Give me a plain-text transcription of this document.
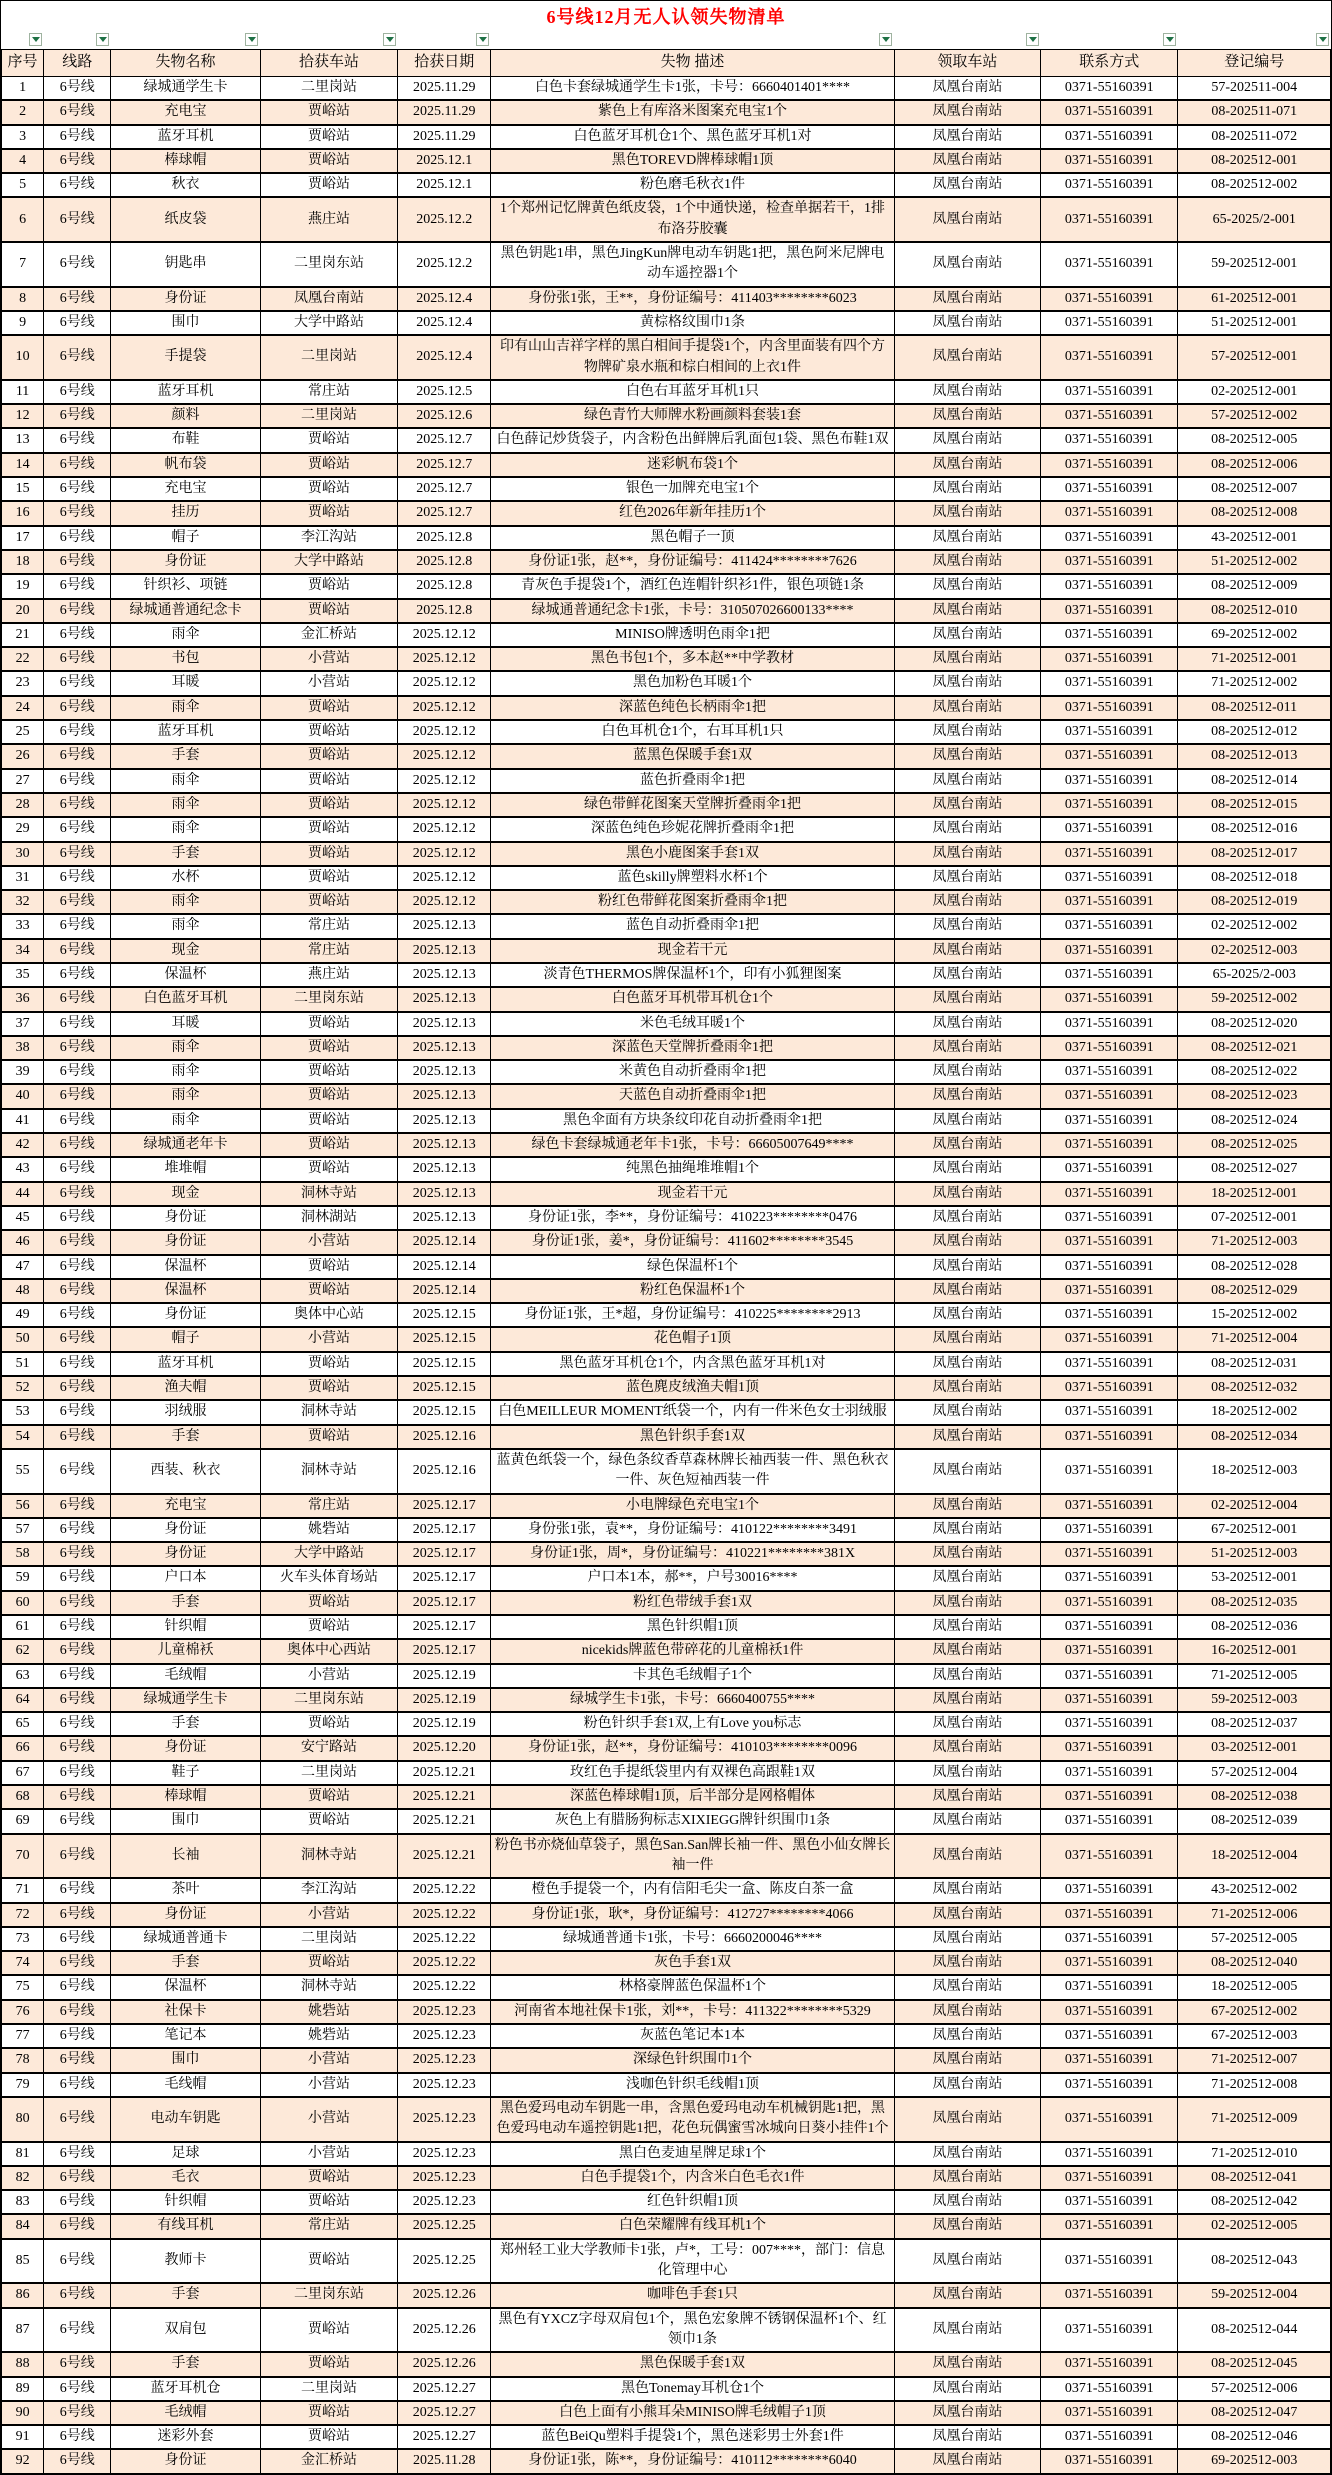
6号线12月无人认领失物清单
序号	线路	失物名称	拾获车站	拾获日期	失物 描述	领取车站	联系方式	登记编号
1	6号线	绿城通学生卡	二里岗站	2025.11.29	白色卡套绿城通学生卡1张，卡号：6660401401****	凤凰台南站	0371-55160391	57-202511-004
2	6号线	充电宝	贾峪站	2025.11.29	紫色上有库洛米图案充电宝1个	凤凰台南站	0371-55160391	08-202511-071
3	6号线	蓝牙耳机	贾峪站	2025.11.29	白色蓝牙耳机仓1个、黑色蓝牙耳机1对	凤凰台南站	0371-55160391	08-202511-072
4	6号线	棒球帽	贾峪站	2025.12.1	黑色TOREVD牌棒球帽1顶	凤凰台南站	0371-55160391	08-202512-001
5	6号线	秋衣	贾峪站	2025.12.1	粉色磨毛秋衣1件	凤凰台南站	0371-55160391	08-202512-002
6	6号线	纸皮袋	燕庄站	2025.12.2	1个郑州记忆牌黄色纸皮袋，1个中通快递，检查单据若干，1排布洛芬胶囊	凤凰台南站	0371-55160391	65-2025/2-001
7	6号线	钥匙串	二里岗东站	2025.12.2	黑色钥匙1串，黑色JingKun牌电动车钥匙1把，黑色阿米尼牌电动车遥控器1个	凤凰台南站	0371-55160391	59-202512-001
8	6号线	身份证	凤凰台南站	2025.12.4	身份张1张，王**，身份证编号：411403********6023	凤凰台南站	0371-55160391	61-202512-001
9	6号线	围巾	大学中路站	2025.12.4	黄棕格纹围巾1条	凤凰台南站	0371-55160391	51-202512-001
10	6号线	手提袋	二里岗站	2025.12.4	印有山山吉祥字样的黑白相间手提袋1个，内含里面装有四个方物牌矿泉水瓶和棕白相间的上衣1件	凤凰台南站	0371-55160391	57-202512-001
11	6号线	蓝牙耳机	常庄站	2025.12.5	白色右耳蓝牙耳机1只	凤凰台南站	0371-55160391	02-202512-001
12	6号线	颜料	二里岗站	2025.12.6	绿色青竹大师牌水粉画颜料套装1套	凤凰台南站	0371-55160391	57-202512-002
13	6号线	布鞋	贾峪站	2025.12.7	白色薛记炒货袋子，内含粉色出鲜牌后乳面包1袋、黑色布鞋1双	凤凰台南站	0371-55160391	08-202512-005
14	6号线	帆布袋	贾峪站	2025.12.7	迷彩帆布袋1个	凤凰台南站	0371-55160391	08-202512-006
15	6号线	充电宝	贾峪站	2025.12.7	银色一加牌充电宝1个	凤凰台南站	0371-55160391	08-202512-007
16	6号线	挂历	贾峪站	2025.12.7	红色2026年新年挂历1个	凤凰台南站	0371-55160391	08-202512-008
17	6号线	帽子	李江沟站	2025.12.8	黑色帽子一顶	凤凰台南站	0371-55160391	43-202512-001
18	6号线	身份证	大学中路站	2025.12.8	身份证1张，赵**，身份证编号：411424********7626	凤凰台南站	0371-55160391	51-202512-002
19	6号线	针织衫、项链	贾峪站	2025.12.8	青灰色手提袋1个，酒红色连帽针织衫1件，银色项链1条	凤凰台南站	0371-55160391	08-202512-009
20	6号线	绿城通普通纪念卡	贾峪站	2025.12.8	绿城通普通纪念卡1张，卡号：310507026600133****	凤凰台南站	0371-55160391	08-202512-010
21	6号线	雨伞	金汇桥站	2025.12.12	MINISO牌透明色雨伞1把	凤凰台南站	0371-55160391	69-202512-002
22	6号线	书包	小营站	2025.12.12	黑色书包1个，多本赵**中学教材	凤凰台南站	0371-55160391	71-202512-001
23	6号线	耳暖	小营站	2025.12.12	黑色加粉色耳暖1个	凤凰台南站	0371-55160391	71-202512-002
24	6号线	雨伞	贾峪站	2025.12.12	深蓝色纯色长柄雨伞1把	凤凰台南站	0371-55160391	08-202512-011
25	6号线	蓝牙耳机	贾峪站	2025.12.12	白色耳机仓1个，右耳耳机1只	凤凰台南站	0371-55160391	08-202512-012
26	6号线	手套	贾峪站	2025.12.12	蓝黑色保暖手套1双	凤凰台南站	0371-55160391	08-202512-013
27	6号线	雨伞	贾峪站	2025.12.12	蓝色折叠雨伞1把	凤凰台南站	0371-55160391	08-202512-014
28	6号线	雨伞	贾峪站	2025.12.12	绿色带鲜花图案天堂牌折叠雨伞1把	凤凰台南站	0371-55160391	08-202512-015
29	6号线	雨伞	贾峪站	2025.12.12	深蓝色纯色珍妮花牌折叠雨伞1把	凤凰台南站	0371-55160391	08-202512-016
30	6号线	手套	贾峪站	2025.12.12	黑色小鹿图案手套1双	凤凰台南站	0371-55160391	08-202512-017
31	6号线	水杯	贾峪站	2025.12.12	蓝色skilly牌塑料水杯1个	凤凰台南站	0371-55160391	08-202512-018
32	6号线	雨伞	贾峪站	2025.12.12	粉红色带鲜花图案折叠雨伞1把	凤凰台南站	0371-55160391	08-202512-019
33	6号线	雨伞	常庄站	2025.12.13	蓝色自动折叠雨伞1把	凤凰台南站	0371-55160391	02-202512-002
34	6号线	现金	常庄站	2025.12.13	现金若干元	凤凰台南站	0371-55160391	02-202512-003
35	6号线	保温杯	燕庄站	2025.12.13	淡青色THERMOS牌保温杯1个，印有小狐狸图案	凤凰台南站	0371-55160391	65-2025/2-003
36	6号线	白色蓝牙耳机	二里岗东站	2025.12.13	白色蓝牙耳机带耳机仓1个	凤凰台南站	0371-55160391	59-202512-002
37	6号线	耳暖	贾峪站	2025.12.13	米色毛绒耳暖1个	凤凰台南站	0371-55160391	08-202512-020
38	6号线	雨伞	贾峪站	2025.12.13	深蓝色天堂牌折叠雨伞1把	凤凰台南站	0371-55160391	08-202512-021
39	6号线	雨伞	贾峪站	2025.12.13	米黄色自动折叠雨伞1把	凤凰台南站	0371-55160391	08-202512-022
40	6号线	雨伞	贾峪站	2025.12.13	天蓝色自动折叠雨伞1把	凤凰台南站	0371-55160391	08-202512-023
41	6号线	雨伞	贾峪站	2025.12.13	黑色伞面有方块条纹印花自动折叠雨伞1把	凤凰台南站	0371-55160391	08-202512-024
42	6号线	绿城通老年卡	贾峪站	2025.12.13	绿色卡套绿城通老年卡1张，卡号：66605007649****	凤凰台南站	0371-55160391	08-202512-025
43	6号线	堆堆帽	贾峪站	2025.12.13	纯黑色抽绳堆堆帽1个	凤凰台南站	0371-55160391	08-202512-027
44	6号线	现金	洞林寺站	2025.12.13	现金若干元	凤凰台南站	0371-55160391	18-202512-001
45	6号线	身份证	洞林湖站	2025.12.13	身份证1张，李**，身份证编号：410223********0476	凤凰台南站	0371-55160391	07-202512-001
46	6号线	身份证	小营站	2025.12.14	身份证1张，姜*，身份证编号：411602********3545	凤凰台南站	0371-55160391	71-202512-003
47	6号线	保温杯	贾峪站	2025.12.14	绿色保温杯1个	凤凰台南站	0371-55160391	08-202512-028
48	6号线	保温杯	贾峪站	2025.12.14	粉红色保温杯1个	凤凰台南站	0371-55160391	08-202512-029
49	6号线	身份证	奥体中心站	2025.12.15	身份证1张，王*超，身份证编号：410225********2913	凤凰台南站	0371-55160391	15-202512-002
50	6号线	帽子	小营站	2025.12.15	花色帽子1顶	凤凰台南站	0371-55160391	71-202512-004
51	6号线	蓝牙耳机	贾峪站	2025.12.15	黑色蓝牙耳机仓1个，内含黑色蓝牙耳机1对	凤凰台南站	0371-55160391	08-202512-031
52	6号线	渔夫帽	贾峪站	2025.12.15	蓝色麂皮绒渔夫帽1顶	凤凰台南站	0371-55160391	08-202512-032
53	6号线	羽绒服	洞林寺站	2025.12.15	白色MEILLEUR MOMENT纸袋一个，内有一件米色女士羽绒服	凤凰台南站	0371-55160391	18-202512-002
54	6号线	手套	贾峪站	2025.12.16	黑色针织手套1双	凤凰台南站	0371-55160391	08-202512-034
55	6号线	西装、秋衣	洞林寺站	2025.12.16	蓝黄色纸袋一个，绿色条纹香草森林牌长袖西装一件、黑色秋衣一件、灰色短袖西装一件	凤凰台南站	0371-55160391	18-202512-003
56	6号线	充电宝	常庄站	2025.12.17	小电牌绿色充电宝1个	凤凰台南站	0371-55160391	02-202512-004
57	6号线	身份证	姚砦站	2025.12.17	身份张1张，袁**，身份证编号：410122********3491	凤凰台南站	0371-55160391	67-202512-001
58	6号线	身份证	大学中路站	2025.12.17	身份证1张，周*，身份证编号：410221********381X	凤凰台南站	0371-55160391	51-202512-003
59	6号线	户口本	火车头体育场站	2025.12.17	户口本1本，郝**，户号30016****	凤凰台南站	0371-55160391	53-202512-001
60	6号线	手套	贾峪站	2025.12.17	粉红色带绒手套1双	凤凰台南站	0371-55160391	08-202512-035
61	6号线	针织帽	贾峪站	2025.12.17	黑色针织帽1顶	凤凰台南站	0371-55160391	08-202512-036
62	6号线	儿童棉袄	奥体中心西站	2025.12.17	nicekids牌蓝色带碎花的儿童棉袄1件	凤凰台南站	0371-55160391	16-202512-001
63	6号线	毛绒帽	小营站	2025.12.19	卡其色毛绒帽子1个	凤凰台南站	0371-55160391	71-202512-005
64	6号线	绿城通学生卡	二里岗东站	2025.12.19	绿城学生卡1张，卡号：6660400755****	凤凰台南站	0371-55160391	59-202512-003
65	6号线	手套	贾峪站	2025.12.19	粉色针织手套1双,上有Love you标志	凤凰台南站	0371-55160391	08-202512-037
66	6号线	身份证	安宁路站	2025.12.20	身份证1张，赵**，身份证编号：410103********0096	凤凰台南站	0371-55160391	03-202512-001
67	6号线	鞋子	二里岗站	2025.12.21	玫红色手提纸袋里内有双裸色高跟鞋1双	凤凰台南站	0371-55160391	57-202512-004
68	6号线	棒球帽	贾峪站	2025.12.21	深蓝色棒球帽1顶，后半部分是网格帽体	凤凰台南站	0371-55160391	08-202512-038
69	6号线	围巾	贾峪站	2025.12.21	灰色上有腊肠狗标志XIXIEGG牌针织围巾1条	凤凰台南站	0371-55160391	08-202512-039
70	6号线	长袖	洞林寺站	2025.12.21	粉色书亦烧仙草袋子，黑色San.San牌长袖一件、黑色小仙女牌长袖一件	凤凰台南站	0371-55160391	18-202512-004
71	6号线	茶叶	李江沟站	2025.12.22	橙色手提袋一个，内有信阳毛尖一盒、陈皮白茶一盒	凤凰台南站	0371-55160391	43-202512-002
72	6号线	身份证	小营站	2025.12.22	身份证1张，耿*，身份证编号：412727********4066	凤凰台南站	0371-55160391	71-202512-006
73	6号线	绿城通普通卡	二里岗站	2025.12.22	绿城通普通卡1张，卡号：6660200046****	凤凰台南站	0371-55160391	57-202512-005
74	6号线	手套	贾峪站	2025.12.22	灰色手套1双	凤凰台南站	0371-55160391	08-202512-040
75	6号线	保温杯	洞林寺站	2025.12.22	林格豪牌蓝色保温杯1个	凤凰台南站	0371-55160391	18-202512-005
76	6号线	社保卡	姚砦站	2025.12.23	河南省本地社保卡1张，刘**，卡号：411322********5329	凤凰台南站	0371-55160391	67-202512-002
77	6号线	笔记本	姚砦站	2025.12.23	灰蓝色笔记本1本	凤凰台南站	0371-55160391	67-202512-003
78	6号线	围巾	小营站	2025.12.23	深绿色针织围巾1个	凤凰台南站	0371-55160391	71-202512-007
79	6号线	毛线帽	小营站	2025.12.23	浅咖色针织毛线帽1顶	凤凰台南站	0371-55160391	71-202512-008
80	6号线	电动车钥匙	小营站	2025.12.23	黑色爱玛电动车钥匙一串，含黑色爱玛电动车机械钥匙1把，黑色爱玛电动车遥控钥匙1把，花色玩偶蜜雪冰城向日葵小挂件1个	凤凰台南站	0371-55160391	71-202512-009
81	6号线	足球	小营站	2025.12.23	黑白色麦迪星牌足球1个	凤凰台南站	0371-55160391	71-202512-010
82	6号线	毛衣	贾峪站	2025.12.23	白色手提袋1个，内含米白色毛衣1件	凤凰台南站	0371-55160391	08-202512-041
83	6号线	针织帽	贾峪站	2025.12.23	红色针织帽1顶	凤凰台南站	0371-55160391	08-202512-042
84	6号线	有线耳机	常庄站	2025.12.25	白色荣耀牌有线耳机1个	凤凰台南站	0371-55160391	02-202512-005
85	6号线	教师卡	贾峪站	2025.12.25	郑州轻工业大学教师卡1张，卢*，工号：007****，部门：信息化管理中心	凤凰台南站	0371-55160391	08-202512-043
86	6号线	手套	二里岗东站	2025.12.26	咖啡色手套1只	凤凰台南站	0371-55160391	59-202512-004
87	6号线	双肩包	贾峪站	2025.12.26	黑色有YXCZ字母双肩包1个，黑色宏象牌不锈钢保温杯1个、红领巾1条	凤凰台南站	0371-55160391	08-202512-044
88	6号线	手套	贾峪站	2025.12.26	黑色保暖手套1双	凤凰台南站	0371-55160391	08-202512-045
89	6号线	蓝牙耳机仓	二里岗站	2025.12.27	黑色Tonemay耳机仓1个	凤凰台南站	0371-55160391	57-202512-006
90	6号线	毛绒帽	贾峪站	2025.12.27	白色上面有小熊耳朵MINISO牌毛绒帽子1顶	凤凰台南站	0371-55160391	08-202512-047
91	6号线	迷彩外套	贾峪站	2025.12.27	蓝色BeiQu塑料手提袋1个，黑色迷彩男士外套1件	凤凰台南站	0371-55160391	08-202512-046
92	6号线	身份证	金汇桥站	2025.11.28	身份证1张，陈**，身份证编号：410112********6040	凤凰台南站	0371-55160391	69-202512-003
